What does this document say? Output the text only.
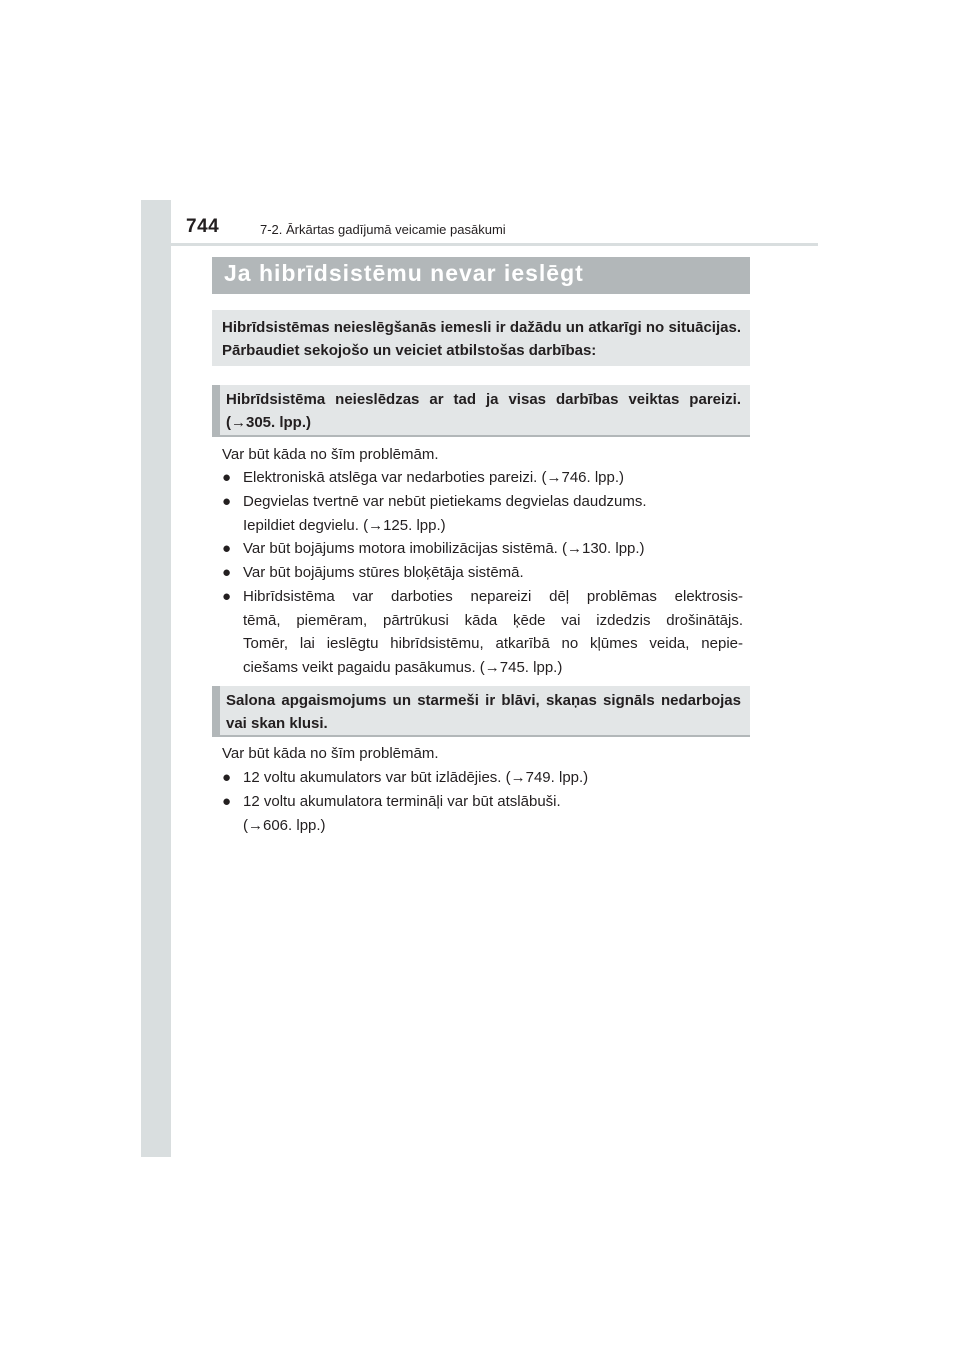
744	7-2. Ārkārtas gadījumā veicamie pasākumi
Ja hibrīdsistēmu nevar ieslēgt
Hibrīdsistēmas neieslēgšanās iemesli ir dažādu un atkarīgi no situācijas. Pārbaudiet sekojošo un veiciet atbilstošas darbības:
Hibrīdsistēma neieslēdzas ar tad ja visas darbības veiktas pareizi. (→305. lpp.)
Var būt kāda no šīm problēmām.
● Elektroniskā atslēga var nedarboties pareizi. (→746. lpp.)
● Degvielas tvertnē var nebūt pietiekams degvielas daudzums.
Iepildiet degvielu. (→125. lpp.)
● Var būt bojājums motora imobilizācijas sistēmā. (→130. lpp.)
● Var būt bojājums stūres bloķētāja sistēmā.
● Hibrīdsistēma var darboties nepareizi dēļ problēmas elektrosis-
tēmā, piemēram, pārtrūkusi kāda ķēde vai izdedzis drošinātājs.
Tomēr, lai ieslēgtu hibrīdsistēmu, atkarībā no kļūmes veida, nepie-
ciešams veikt pagaidu pasākumus. (→745. lpp.)
Salona apgaismojums un starmeši ir blāvi, skaņas signāls nedarbojas vai skan klusi.
Var būt kāda no šīm problēmām.
● 12 voltu akumulators var būt izlādējies. (→749. lpp.)
● 12 voltu akumulatora termināļi var būt atslābuši.
(→606. lpp.)
